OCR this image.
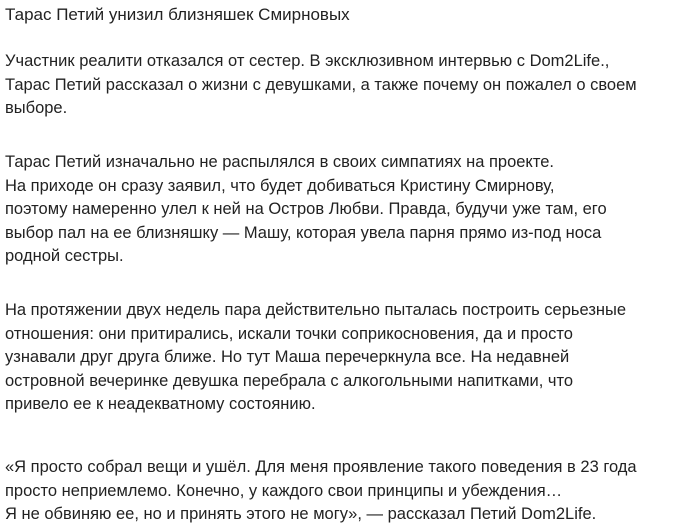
Тарас Петий унизил близняшек Смирновых

Участник реалити отказался от сестер. В эксклюзивном интервью с Dom2Life.,
Тарас Петий рассказал о жизни с девушками, а также почему он пожалел о своем
выборе.

Тарас Петий изначально не распылялся в своих симпатиях на проекте.
На приходе он сразу заявил, что будет добиваться Кристину Смирнову,
поэтому намеренно улел к ней на Остров Любви. Правда, будучи уже там, его
выбор пал на ее близняшку — Машу, которая увела парня прямо из-под носа
родной сестры.

На протяжении двух недель пара действительно пыталась построить серьезные
отношения: они притирались, искали точки соприкосновения, да и просто
узнавали друг друга ближе. Но тут Маша перечеркнула все. На недавней
островной вечеринке девушка перебрала с алкогольными напитками, что
привело ее к неадекватному состоянию.

«Я просто собрал вещи и ушёл. Для меня проявление такого поведения в 23 года
просто неприемлемо. Конечно, у каждого свои принципы и убеждения…
Я не обвиняю ее, но и принять этого не могу», — рассказал Петий Dom2Life.
